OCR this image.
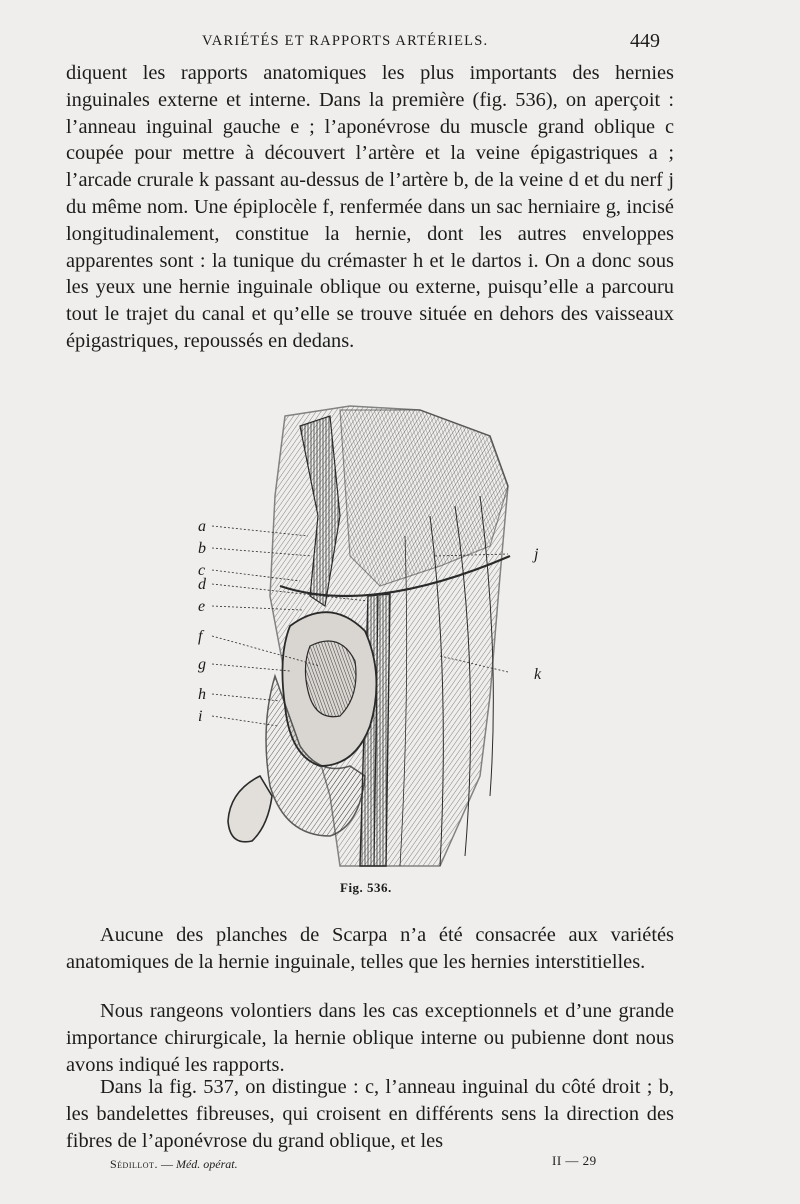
VARIÉTÉS ET RAPPORTS ARTÉRIELS.	449

diquent les rapports anatomiques les plus importants des hernies inguinales externe et interne. Dans la première (fig. 536), on aperçoit : l’anneau inguinal gauche e ; l’aponévrose du muscle grand oblique c coupée pour mettre à découvert l’artère et la veine épigastriques a ; l’arcade crurale k passant au-dessus de l’artère b, de la veine d et du nerf j du même nom. Une épiplocèle f, renfermée dans un sac herniaire g, incisé longitudinalement, constitue la hernie, dont les autres enveloppes apparentes sont : la tunique du crémaster h et le dartos i. On a donc sous les yeux une hernie inguinale oblique ou externe, puisqu’elle a parcouru tout le trajet du canal et qu’elle se trouve située en dehors des vaisseaux épigastriques, repoussés en dedans.

a
b
c
d
e
f
g
h
i
j
k
Fig. 536.

Aucune des planches de Scarpa n’a été consacrée aux variétés anatomiques de la hernie inguinale, telles que les hernies interstitielles.

Nous rangeons volontiers dans les cas exceptionnels et d’une grande importance chirurgicale, la hernie oblique interne ou pubienne dont nous avons indiqué les rapports.

Dans la fig. 537, on distingue : c, l’anneau inguinal du côté droit ; b, les bandelettes fibreuses, qui croisent en différents sens la direction des fibres de l’aponévrose du grand oblique, et les

Sédillot. — Méd. opérat.	II — 29
